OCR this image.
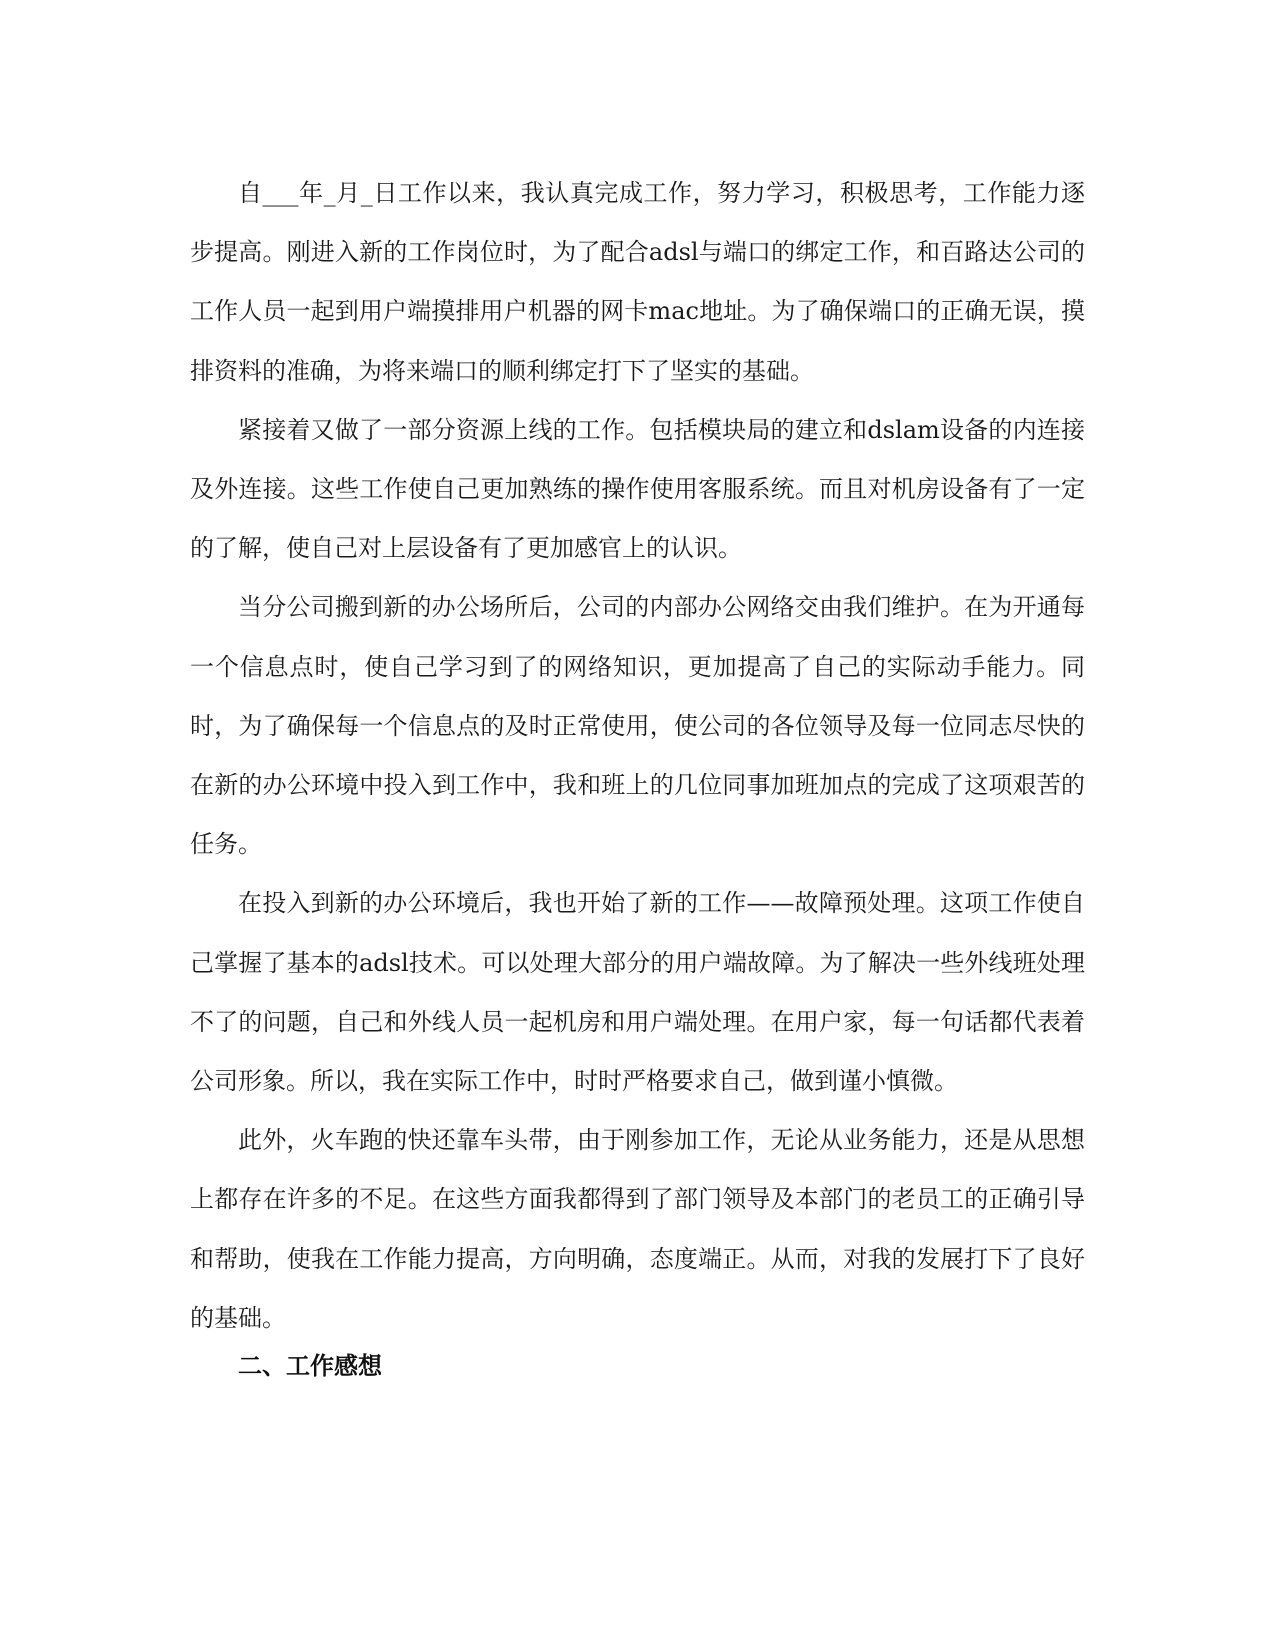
自___年_月_日工作以来，我认真完成工作，努力学习，积极思考，工作能力逐步提高。刚进入新的工作岗位时，为了配合adsl与端口的绑定工作，和百路达公司的工作人员一起到用户端摸排用户机器的网卡mac地址。为了确保端口的正确无误，摸排资料的准确，为将来端口的顺利绑定打下了坚实的基础。

紧接着又做了一部分资源上线的工作。包括模块局的建立和dslam设备的内连接及外连接。这些工作使自己更加熟练的操作使用客服系统。而且对机房设备有了一定的了解，使自己对上层设备有了更加感官上的认识。

当分公司搬到新的办公场所后，公司的内部办公网络交由我们维护。在为开通每一个信息点时，使自己学习到了的网络知识，更加提高了自己的实际动手能力。同时，为了确保每一个信息点的及时正常使用，使公司的各位领导及每一位同志尽快的在新的办公环境中投入到工作中，我和班上的几位同事加班加点的完成了这项艰苦的任务。

在投入到新的办公环境后，我也开始了新的工作——故障预处理。这项工作使自己掌握了基本的adsl技术。可以处理大部分的用户端故障。为了解决一些外线班处理不了的问题，自己和外线人员一起机房和用户端处理。在用户家，每一句话都代表着公司形象。所以，我在实际工作中，时时严格要求自己，做到谨小慎微。

此外，火车跑的快还靠车头带，由于刚参加工作，无论从业务能力，还是从思想上都存在许多的不足。在这些方面我都得到了部门领导及本部门的老员工的正确引导和帮助，使我在工作能力提高，方向明确，态度端正。从而，对我的发展打下了良好的基础。

二、工作感想
